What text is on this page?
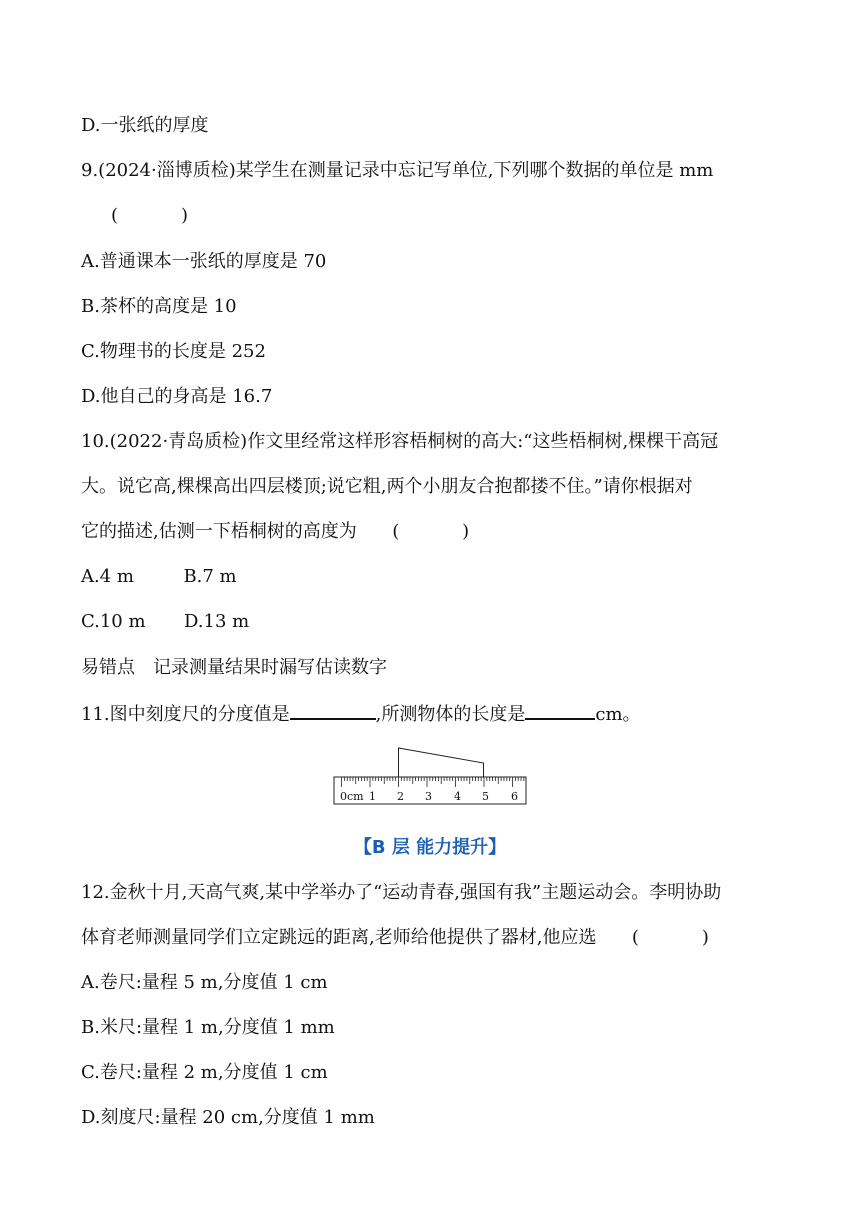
D.一张纸的厚度
9.(2024·淄博质检)某学生在测量记录中忘记写单位,下列哪个数据的单位是 mm
(           )
A.普通课本一张纸的厚度是 70
B.茶杯的高度是 10
C.物理书的长度是 252
D.他自己的身高是 16.7
10.(2022·青岛质检)作文里经常这样形容梧桐树的高大:“这些梧桐树,棵棵干高冠
大。说它高,棵棵高出四层楼顶;说它粗,两个小朋友合抱都搂不住。”请你根据对
它的描述,估测一下梧桐树的高度为 (           )
A.4 m	B.7 m
C.10 m D.13 m
易错点　记录测量结果时漏写估读数字
11.图中刻度尺的分度值是	,所测物体的长度是	cm。
0cm 1 2 3 4 5 6
【B 层 能力提升】
12.金秋十月,天高气爽,某中学举办了“运动青春,强国有我”主题运动会。李明协助
体育老师测量同学们立定跳远的距离,老师给他提供了器材,他应选 (           )
A.卷尺:量程 5 m,分度值 1 cm
B.米尺:量程 1 m,分度值 1 mm
C.卷尺:量程 2 m,分度值 1 cm
D.刻度尺:量程 20 cm,分度值 1 mm
